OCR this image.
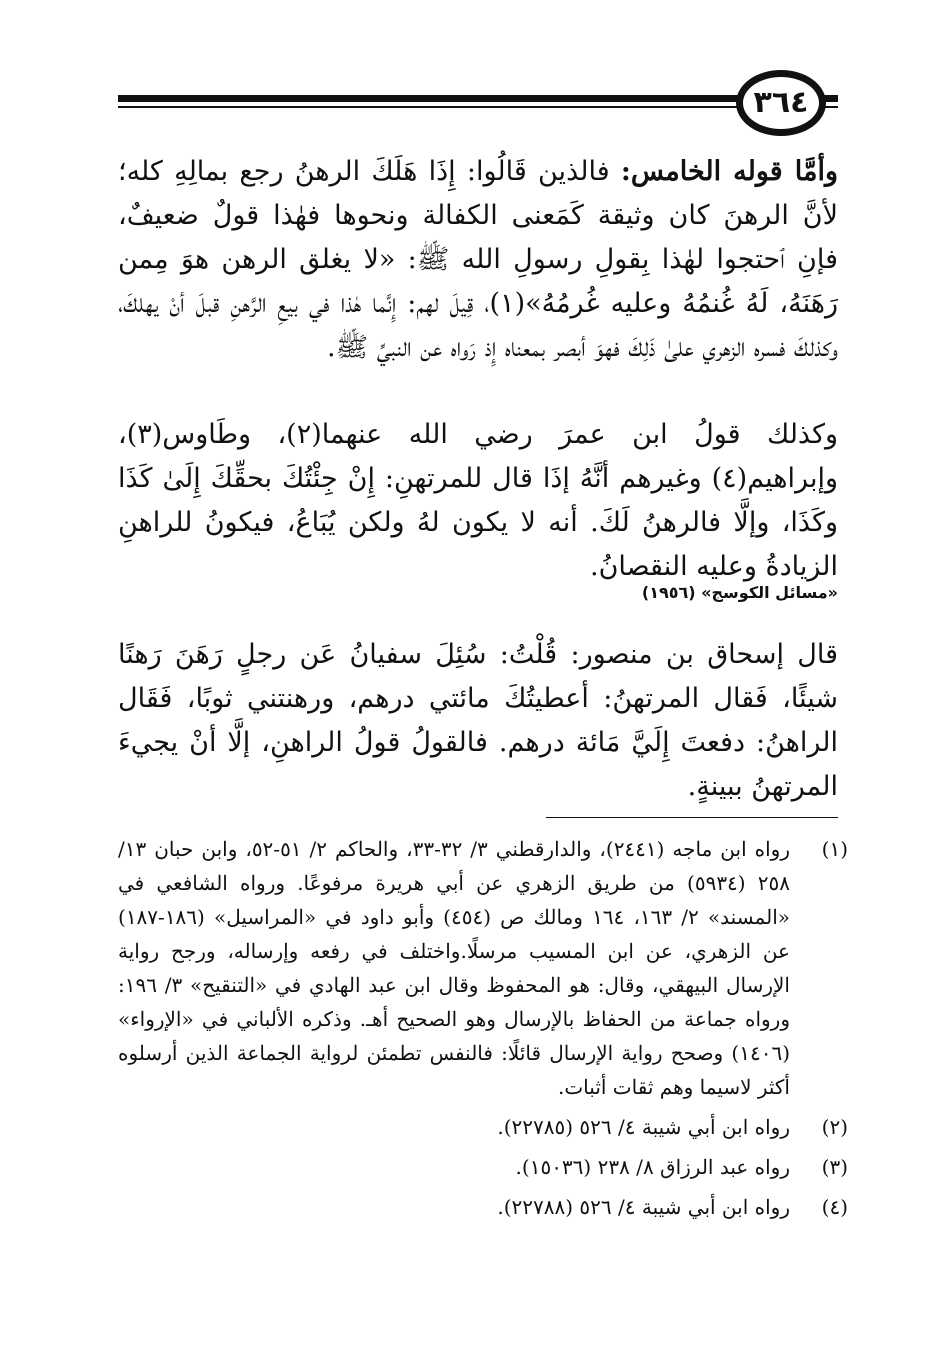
٣٦٤

وأمَّا قوله الخامس: فالذين قَالُوا: إِذَا هَلَكَ الرهنُ رجع بمالِهِ كله؛ لأنَّ الرهنَ كان وثيقة كَمَعنى الكفالة ونحوها فهٰذا قولٌ ضعيفٌ، فإنِ ٱحتجوا لهٰذا بِقولِ رسولِ الله ﷺ: «لا يغلق الرهن هوَ مِمن رَهَنَهُ، لَهُ غُنمُهُ وعليه غُرمُهُ»(١)، قِيلَ لهم: إِنَّما هٰذا في بيعِ الرَّهنِ قبلَ أنْ يهلكَ، وكذلكَ فسره الزهري علىٰ ذَلِكَ فهوَ أبصر بمعناه إِذ رَواه عن النبيِّ ﷺ.

وكذلك قولُ ابن عمرَ رضي الله عنهما(٢)، وطَاوس(٣)، وإبراهيم(٤) وغيرهم أنَّهُ إذَا قال للمرتهنِ: إِنْ جِئْتُكَ بحقِّكَ إِلَىٰ كَذَا وكَذَا، وإلَّا فالرهنُ لَكَ. أنه لا يكون لهُ ولكن يُبَاعُ، فيكونُ للراهنِ الزيادةُ وعليه النقصانُ.

«مسائل الكوسج» (١٩٥٦)

قال إسحاق بن منصور: قُلْتُ: سُئِلَ سفيانُ عَن رجلٍ رَهَنَ رَهنًا شيئًا، فَقال المرتهنُ: أعطيتُكَ مائتي درهم، ورهنتني ثوبًا، فَقَال الراهنُ: دفعتَ إِلَيَّ مَائة درهم. فالقولُ قولُ الراهنِ، إلَّا أنْ يجيءَ المرتهنُ ببينةٍ.

(١)
رواه ابن ماجه (٢٤٤١)، والدارقطني ٣/ ٣٢-٣٣، والحاكم ٢/ ٥١-٥٢، وابن حبان ١٣/ ٢٥٨ (٥٩٣٤) من طريق الزهري عن أبي هريرة مرفوعًا. ورواه الشافعي في «المسند» ٢/ ١٦٣، ١٦٤ ومالك ص (٤٥٤) وأبو داود في «المراسيل» (١٨٦-١٨٧) عن الزهري، عن ابن المسيب مرسلًا.واختلف في رفعه وإرساله، ورجح رواية الإرسال البيهقي، وقال: هو المحفوظ وقال ابن عبد الهادي في «التنقيح» ٣/ ١٩٦: ورواه جماعة من الحفاظ بالإرسال وهو الصحيح أهـ. وذكره الألباني في «الإرواء» (١٤٠٦) وصحح رواية الإرسال قائلًا: فالنفس تطمئن لرواية الجماعة الذين أرسلوه أكثر لاسيما وهم ثقات أثبات.
(٢)
رواه ابن أبي شيبة ٤/ ٥٢٦ (٢٢٧٨٥).
(٣)
رواه عبد الرزاق ٨/ ٢٣٨ (١٥٠٣٦).
(٤)
رواه ابن أبي شيبة ٤/ ٥٢٦ (٢٢٧٨٨).
